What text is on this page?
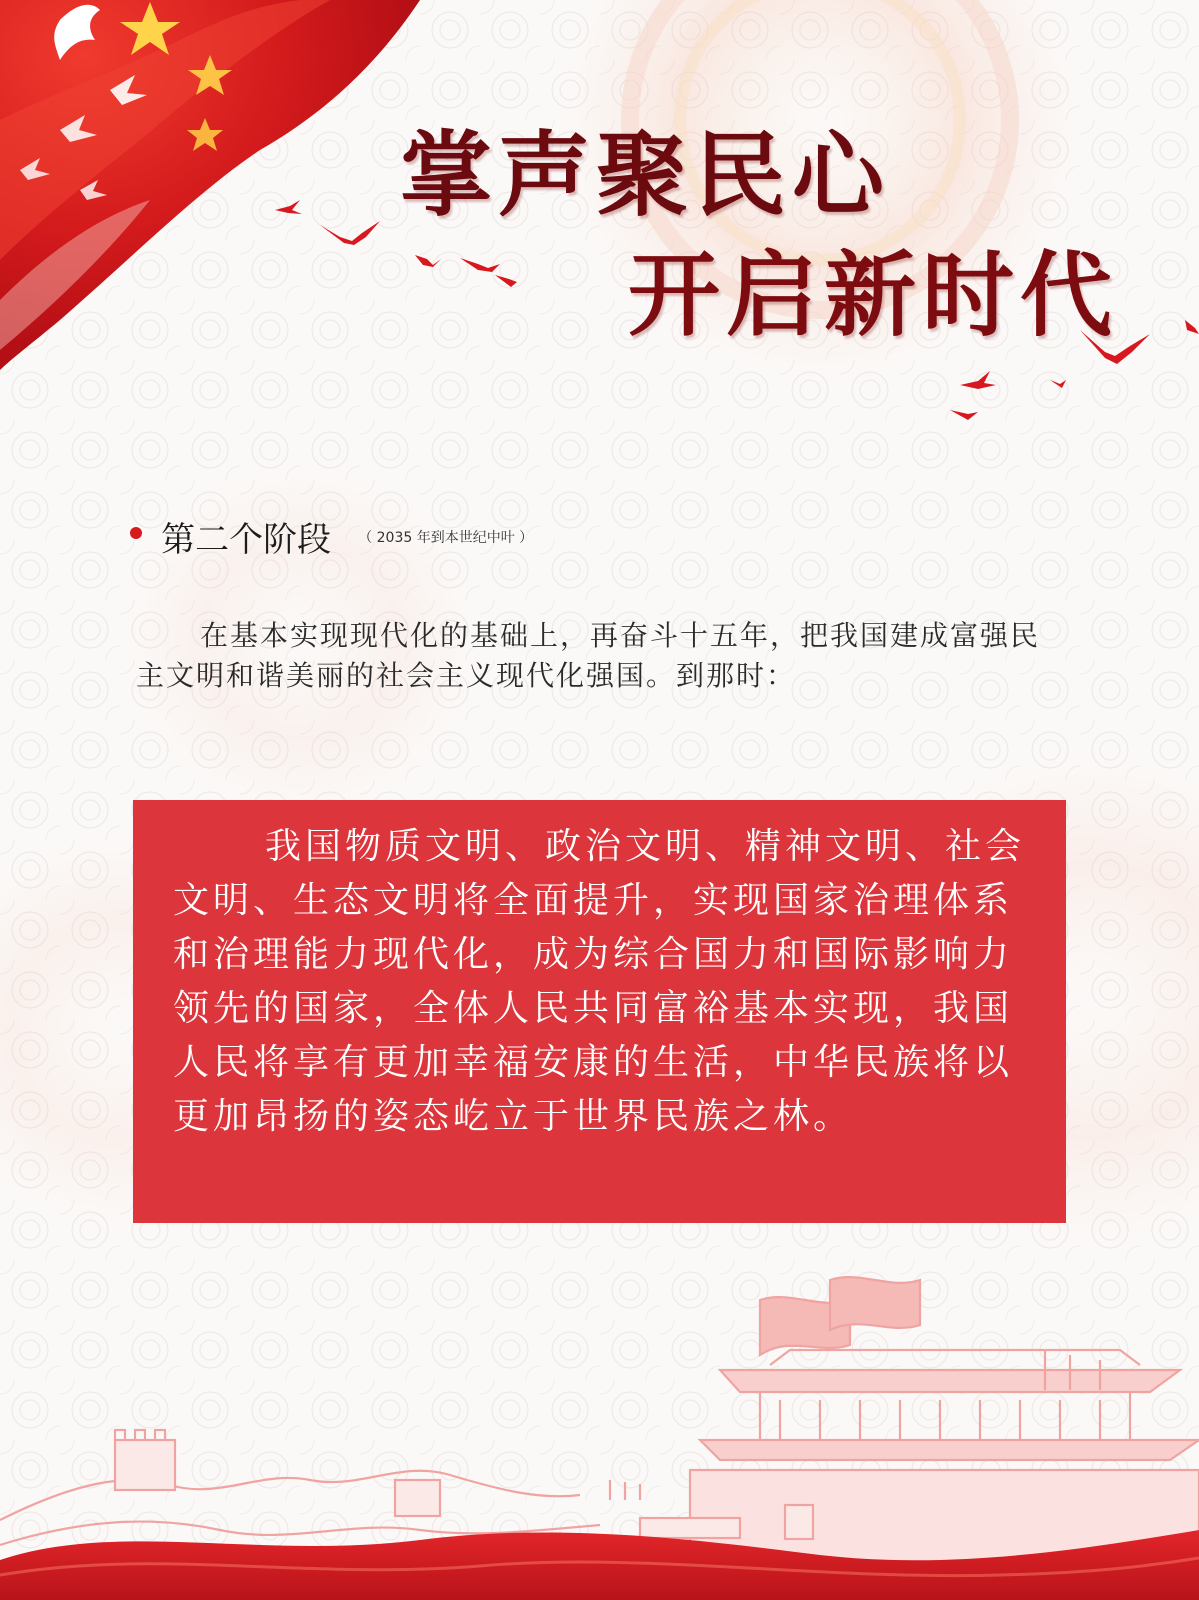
掌声聚民心
开启新时代
第二个阶段 （ 2035 年到本世纪中叶 ）

在基本实现现代化的基础上，再奋斗十五年，把我国建成富强民主文明和谐美丽的社会主义现代化强国。到那时：

我国物质文明、政治文明、精神文明、社会文明、生态文明将全面提升，实现国家治理体系和治理能力现代化，成为综合国力和国际影响力领先的国家，全体人民共同富裕基本实现，我国人民将享有更加幸福安康的生活，中华民族将以更加昂扬的姿态屹立于世界民族之林。
